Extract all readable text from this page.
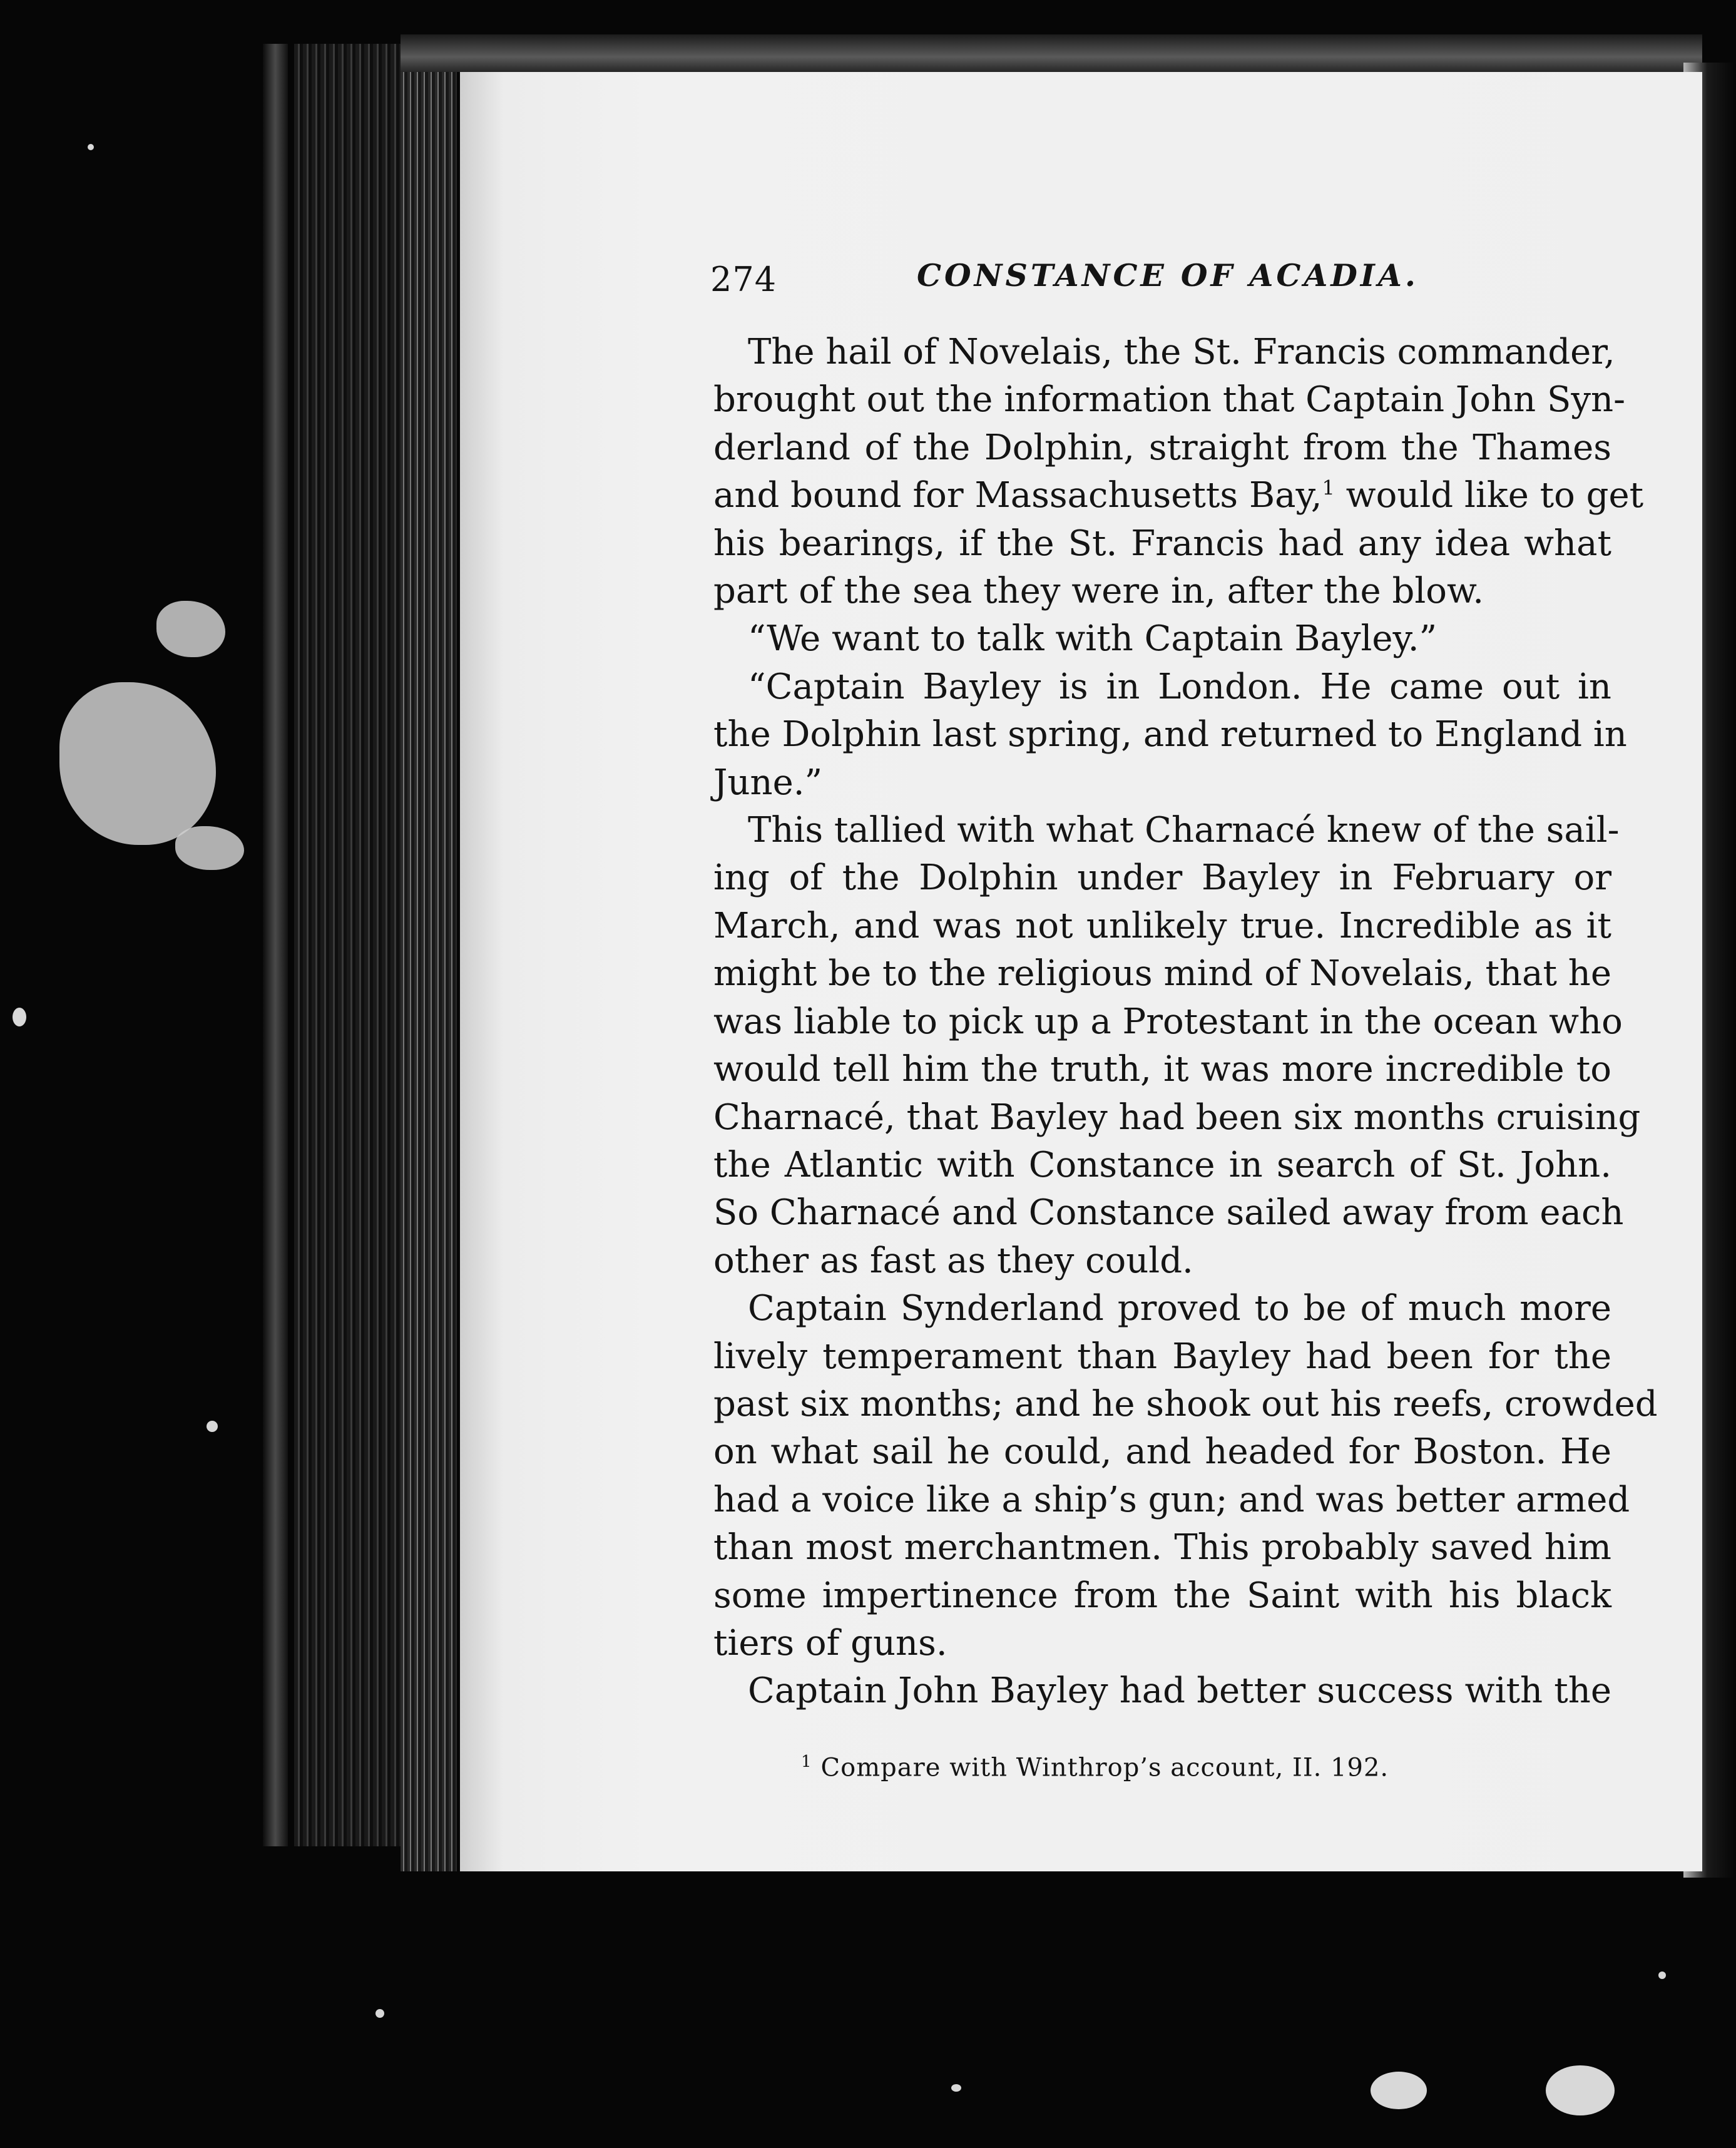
274	CONSTANCE OF ACADIA.
The hail of Novelais, the St. Francis commander,
brought out the information that Captain John Syn-
derland of the Dolphin, straight from the Thames
and bound for Massachusetts Bay,$^1$ would like to get
his bearings, if the St. Francis had any idea what
part of the sea they were in, after the blow.
“We want to talk with Captain Bayley.”
“Captain Bayley is in London. He came out in
the Dolphin last spring, and returned to England in
June.”
This tallied with what Charnacé knew of the sail-
ing of the Dolphin under Bayley in February or
March, and was not unlikely true. Incredible as it
might be to the religious mind of Novelais, that he
was liable to pick up a Protestant in the ocean who
would tell him the truth, it was more incredible to
Charnacé, that Bayley had been six months cruising
the Atlantic with Constance in search of St. John.
So Charnacé and Constance sailed away from each
other as fast as they could.
Captain Synderland proved to be of much more
lively temperament than Bayley had been for the
past six months; and he shook out his reefs, crowded
on what sail he could, and headed for Boston. He
had a voice like a ship’s gun; and was better armed
than most merchantmen. This probably saved him
some impertinence from the Saint with his black
tiers of guns.
Captain John Bayley had better success with the
$^1$ Compare with Winthrop’s account, II. 192.
